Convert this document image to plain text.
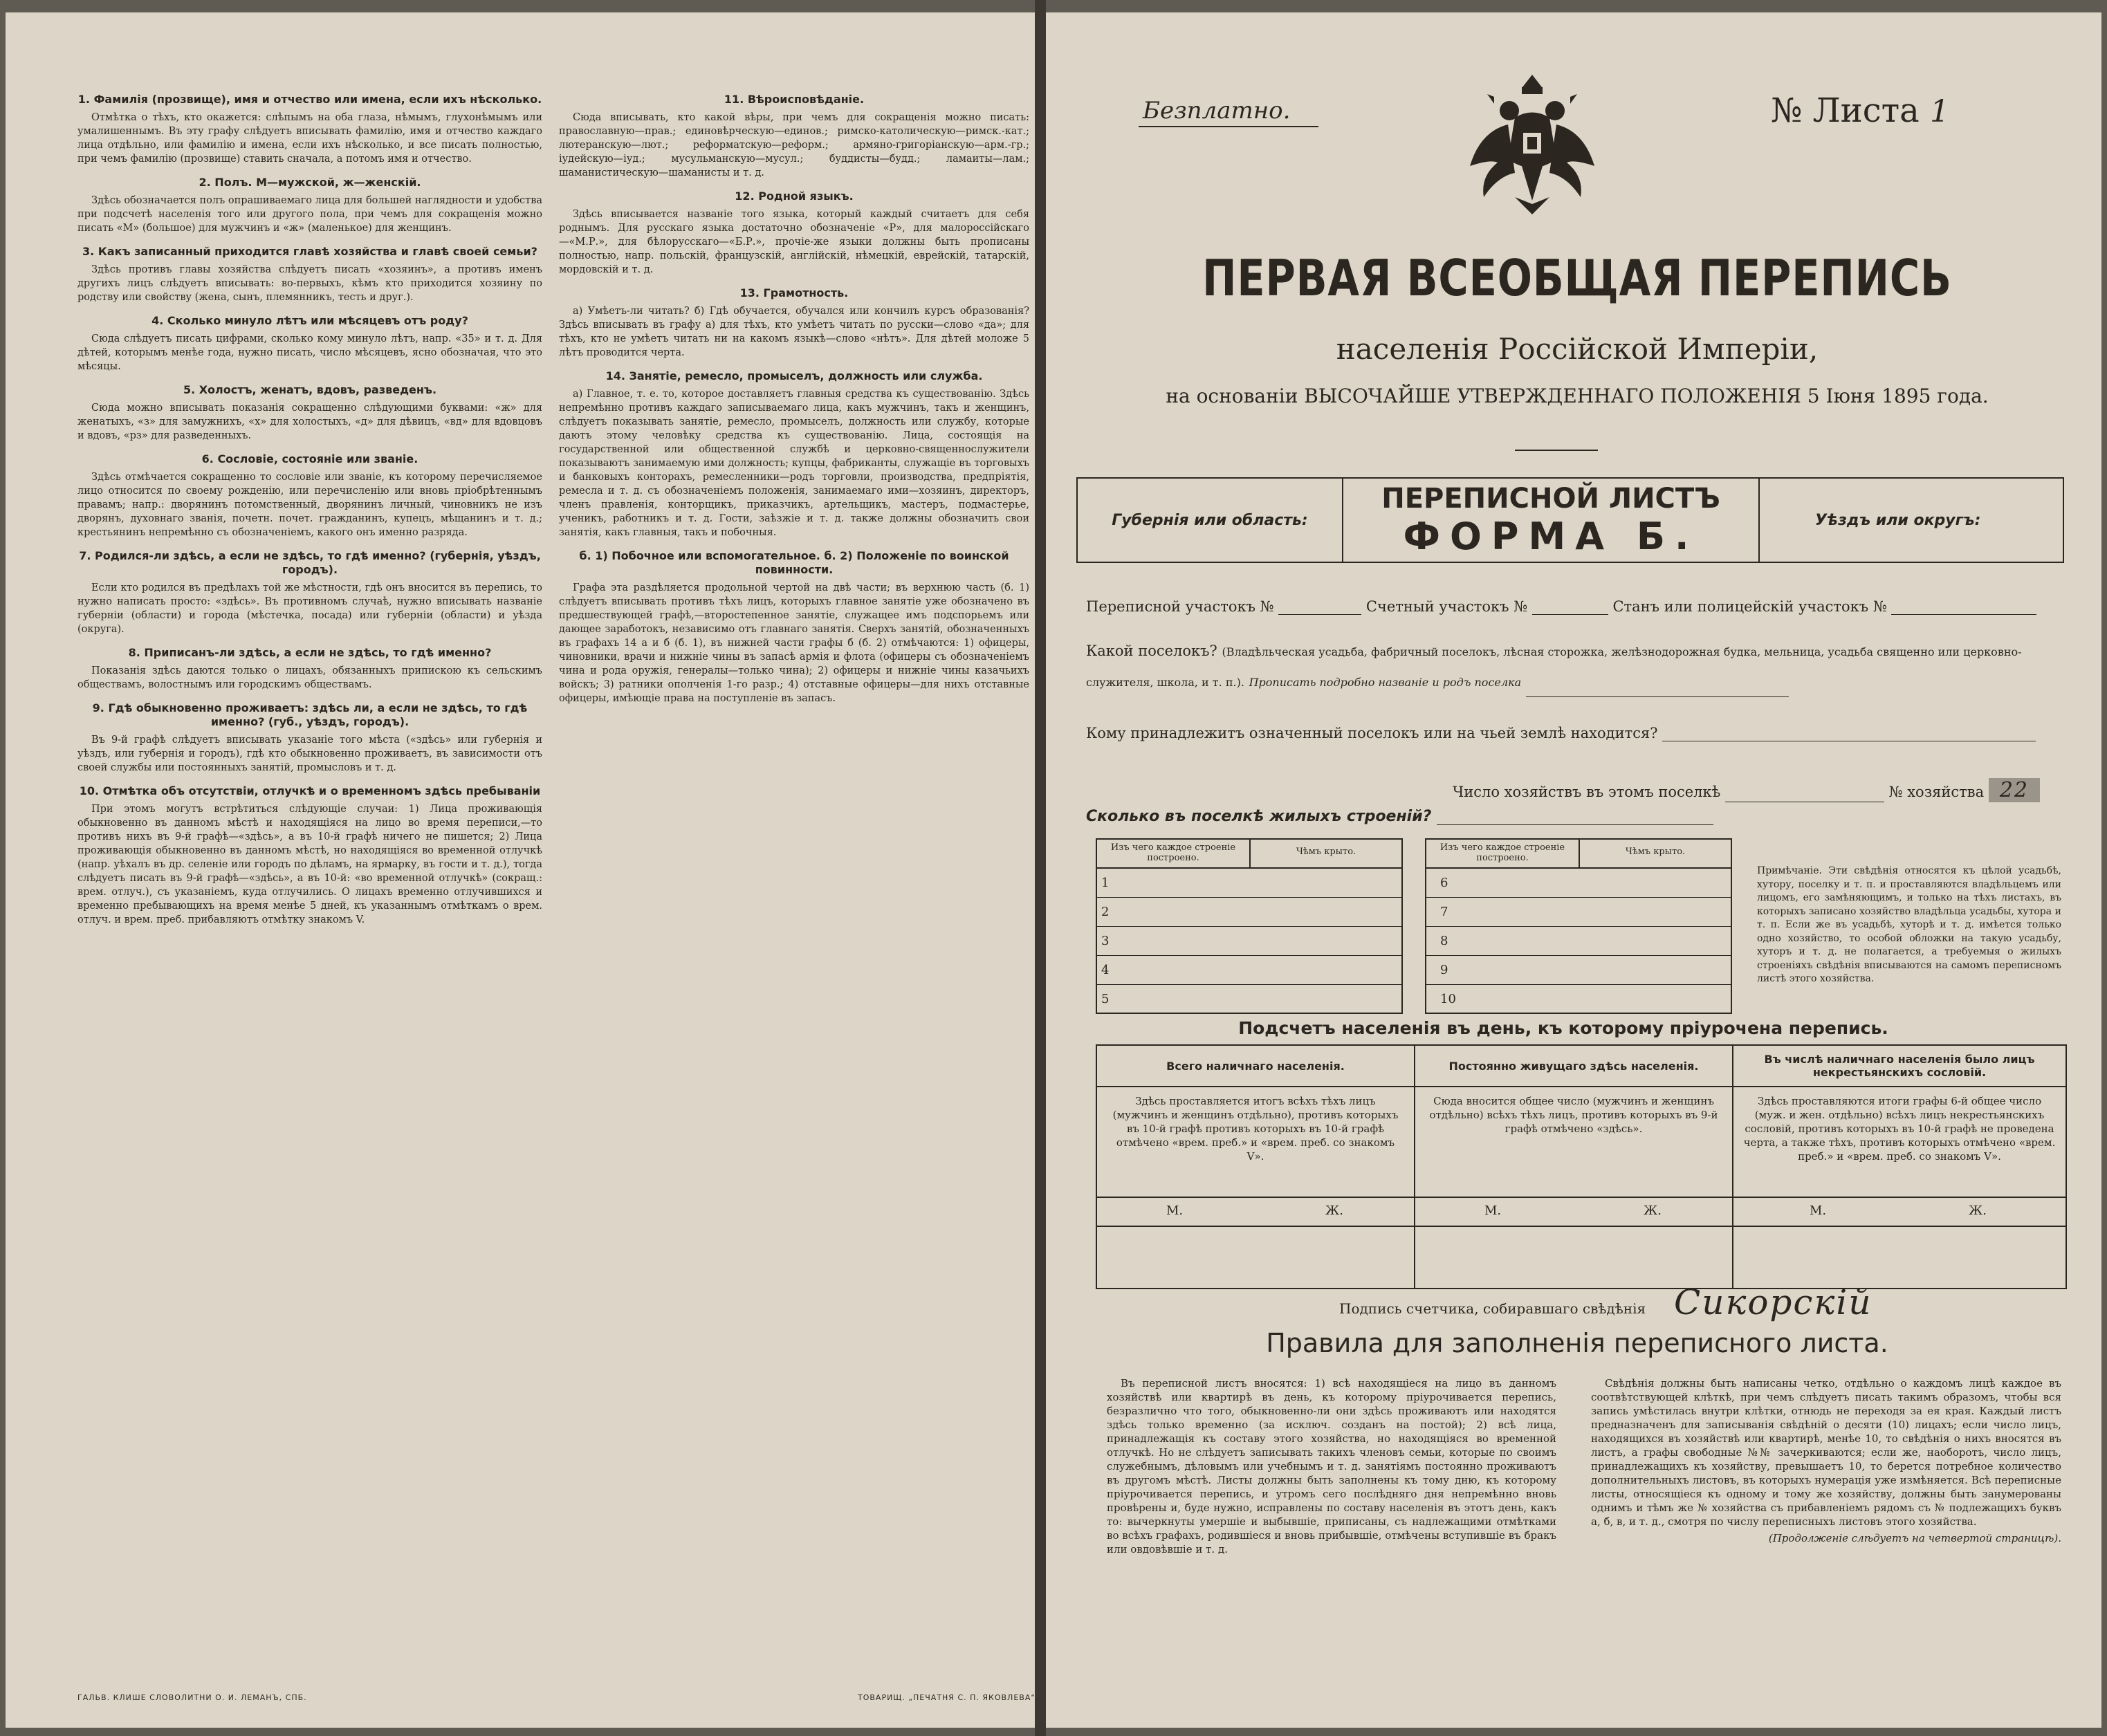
1. Фамилія (прозвище), имя и отчество или имена, если ихъ нѣсколько.

Отмѣтка о тѣхъ, кто окажется: слѣпымъ на оба глаза, нѣмымъ, глухонѣмымъ или умалишеннымъ. Въ эту графу слѣдуетъ вписывать фамилію, имя и отчество каждаго лица отдѣльно, или фамилію и имена, если ихъ нѣсколько, и все писать полностью, при чемъ фамилію (прозвище) ставить сначала, а потомъ имя и отчество.

2. Полъ. М—мужской, ж—женскій.

Здѣсь обозначается полъ опрашиваемаго лица для большей наглядности и удобства при подсчетѣ населенія того или другого пола, при чемъ для сокращенія можно писать «М» (большое) для мужчинъ и «ж» (маленькое) для женщинъ.

3. Какъ записанный приходится главѣ хозяйства и главѣ своей семьи?

Здѣсь противъ главы хозяйства слѣдуетъ писать «хозяинъ», а противъ именъ другихъ лицъ слѣдуетъ вписывать: во-первыхъ, кѣмъ кто приходится хозяину по родству или свойству (жена, сынъ, племянникъ, тесть и друг.).

4. Сколько минуло лѣтъ или мѣсяцевъ отъ роду?

Сюда слѣдуетъ писать цифрами, сколько кому минуло лѣтъ, напр. «35» и т. д. Для дѣтей, которымъ менѣе года, нужно писать, число мѣсяцевъ, ясно обозначая, что это мѣсяцы.

5. Холостъ, женатъ, вдовъ, разведенъ.

Сюда можно вписывать показанія сокращенно слѣдующими буквами: «ж» для женатыхъ, «з» для замужнихъ, «х» для холостыхъ, «д» для дѣвицъ, «вд» для вдовцовъ и вдовъ, «рз» для разведенныхъ.

6. Сословіе, состояніе или званіе.

Здѣсь отмѣчается сокращенно то сословіе или званіе, къ которому перечисляемое лицо относится по своему рожденію, или перечисленію или вновь пріобрѣтеннымъ правамъ; напр.: дворянинъ потомственный, дворянинъ личный, чиновникъ не изъ дворянъ, духовнаго званія, почетн. почет. гражданинъ, купецъ, мѣщанинъ и т. д.; крестьянинъ непремѣнно съ обозначеніемъ, какого онъ именно разряда.

7. Родился-ли здѣсь, а если не здѣсь, то гдѣ именно? (губернія, уѣздъ, городъ).

Если кто родился въ предѣлахъ той же мѣстности, гдѣ онъ вносится въ перепись, то нужно написать просто: «здѣсь». Въ противномъ случаѣ, нужно вписывать названіе губерніи (области) и города (мѣстечка, посада) или губерніи (области) и уѣзда (округа).

8. Приписанъ-ли здѣсь, а если не здѣсь, то гдѣ именно?

Показанія здѣсь даются только о лицахъ, обязанныхъ припискою къ сельскимъ обществамъ, волостнымъ или городскимъ обществамъ.

9. Гдѣ обыкновенно проживаетъ: здѣсь ли, а если не здѣсь, то гдѣ именно? (губ., уѣздъ, городъ).

Въ 9-й графѣ слѣдуетъ вписывать указаніе того мѣста («здѣсь» или губернія и уѣздъ, или губернія и городъ), гдѣ кто обыкновенно проживаетъ, въ зависимости отъ своей службы или постоянныхъ занятій, промысловъ и т. д.

10. Отмѣтка объ отсутствіи, отлучкѣ и о временномъ здѣсь пребываніи

При этомъ могутъ встрѣтиться слѣдующіе случаи: 1) Лица проживающія обыкновенно въ данномъ мѣстѣ и находящіяся на лицо во время переписи,—то противъ нихъ въ 9-й графѣ—«здѣсь», а въ 10-й графѣ ничего не пишется; 2) Лица проживающія обыкновенно въ данномъ мѣстѣ, но находящіяся во временной отлучкѣ (напр. уѣхалъ въ др. селеніе или городъ по дѣламъ, на ярмарку, въ гости и т. д.), тогда слѣдуетъ писать въ 9-й графѣ—«здѣсь», а въ 10-й: «во временной отлучкѣ» (сокращ.: врем. отлуч.), съ указаніемъ, куда отлучились. О лицахъ временно отлучившихся и временно пребывающихъ на время менѣе 5 дней, къ указаннымъ отмѣткамъ о врем. отлуч. и врем. преб. прибавляютъ отмѣтку знакомъ V.

11. Вѣроисповѣданіе.

Сюда вписывать, кто какой вѣры, при чемъ для сокращенія можно писать: православную—прав.; единовѣрческую—единов.; римско-католическую—римск.-кат.; лютеранскую—лют.; реформатскую—реформ.; армяно-григоріанскую—арм.-гр.; іудейскую—іуд.; мусульманскую—мусул.; буддисты—будд.; ламаиты—лам.; шаманистическую—шаманисты и т. д.

12. Родной языкъ.

Здѣсь вписывается названіе того языка, который каждый считаетъ для себя роднымъ. Для русскаго языка достаточно обозначеніе «Р», для малороссійскаго—«М.Р.», для бѣлорусскаго—«Б.Р.», прочіе-же языки должны быть прописаны полностью, напр. польскій, французскій, англійскій, нѣмецкій, еврейскій, татарскій, мордовскій и т. д.

13. Грамотность.

а) Умѣетъ-ли читать? б) Гдѣ обучается, обучался или кончилъ курсъ образованія? Здѣсь вписывать въ графу а) для тѣхъ, кто умѣетъ читать по русски—слово «да»; для тѣхъ, кто не умѣетъ читать ни на какомъ языкѣ—слово «нѣтъ». Для дѣтей моложе 5 лѣтъ проводится черта.

14. Занятіе, ремесло, промыселъ, должность или служба.

а) Главное, т. е. то, которое доставляетъ главныя средства къ существованію. Здѣсь непремѣнно противъ каждаго записываемаго лица, какъ мужчинъ, такъ и женщинъ, слѣдуетъ показывать занятіе, ремесло, промыселъ, должность или службу, которые даютъ этому человѣку средства къ существованію. Лица, состоящія на государственной или общественной службѣ и церковно-священнослужители показываютъ занимаемую ими должность; купцы, фабриканты, служащіе въ торговыхъ и банковыхъ конторахъ, ремесленники—родъ торговли, производства, предпріятія, ремесла и т. д. съ обозначеніемъ положенія, занимаемаго ими—хозяинъ, директоръ, членъ правленія, конторщикъ, приказчикъ, артельщикъ, мастеръ, подмастерье, ученикъ, работникъ и т. д. Гости, заѣзжіе и т. д. также должны обозначить свои занятія, какъ главныя, такъ и побочныя.

б. 1) Побочное или вспомогательное. б. 2) Положеніе по воинской повинности.

Графа эта раздѣляется продольной чертой на двѣ части; въ верхнюю часть (б. 1) слѣдуетъ вписывать противъ тѣхъ лицъ, которыхъ главное занятіе уже обозначено въ предшествующей графѣ,—второстепенное занятіе, служащее имъ подспорьемъ или дающее заработокъ, независимо отъ главнаго занятія. Сверхъ занятій, обозначенныхъ въ графахъ 14 а и б (б. 1), въ нижней части графы б (б. 2) отмѣчаются: 1) офицеры, чиновники, врачи и нижніе чины въ запасѣ армія и флота (офицеры съ обозначеніемъ чина и рода оружія, генералы—только чина); 2) офицеры и нижніе чины казачьихъ войскъ; 3) ратники ополченія 1-го разр.; 4) отставные офицеры—для нихъ отставные офицеры, имѣющіе права на поступленіе въ запасъ.

ГАЛЬВ. КЛИШЕ СЛОВОЛИТНИ О. И. ЛЕМАНЪ, СПБ.	ТОВАРИЩ. „ПЕЧАТНЯ С. П. ЯКОВЛЕВА“.
Безплатно.	№ Листа 1
ПЕРВАЯ ВСЕОБЩАЯ ПЕРЕПИСЬ
населенія Россійской Имперіи,
на основаніи ВЫСОЧАЙШЕ УТВЕРЖДЕННАГО ПОЛОЖЕНІЯ 5 Іюня 1895 года.
Губернія или область:
ПЕРЕПИСНОЙ ЛИСТЪ
ФОРМА Б.	Уѣздъ или округъ:
Переписной участокъ №	Счетный участокъ №	Станъ или полицейскій участокъ №
Какой поселокъ? (Владѣльческая усадьба, фабричный поселокъ, лѣсная сторожка, желѣзнодорожная будка, мельница, усадьба священно или церковно-служителя, школа, и т. п.). Прописать подробно названіе и родъ поселка
Кому принадлежитъ означенный поселокъ или на чьей землѣ находится?
Число хозяйствъ въ этомъ поселкѣ	№ хозяйства 22
Сколько въ поселкѣ жилыхъ строеній?
Изъ чего каждое строеніе построено.
Чѣмъ крыто.
1
2
3
4
5
Изъ чего каждое строеніе построено.
Чѣмъ крыто.
6
7
8
9
10
Примѣчаніе. Эти свѣдѣнія относятся къ цѣлой усадьбѣ, хутору, поселку и т. п. и проставляются владѣльцемъ или лицомъ, его замѣняющимъ, и только на тѣхъ листахъ, въ которыхъ записано хозяйство владѣльца усадьбы, хутора и т. п. Если же въ усадьбѣ, хуторѣ и т. д. имѣется только одно хозяйство, то особой обложки на такую усадьбу, хуторъ и т. д. не полагается, а требуемыя о жилыхъ строеніяхъ свѣдѣнія вписываются на самомъ переписномъ листѣ этого хозяйства.
Подсчетъ населенія въ день, къ которому пріурочена перепись.
Всего наличнаго населенія.
Здѣсь проставляется итогъ всѣхъ тѣхъ лицъ (мужчинъ и женщинъ отдѣльно), противъ которыхъ въ 10-й графѣ противъ которыхъ въ 10-й графѣ отмѣчено «врем. преб.» и «врем. преб. со знакомъ V».
Постоянно живущаго здѣсь населенія.
Сюда вносится общее число (мужчинъ и женщинъ отдѣльно) всѣхъ тѣхъ лицъ, противъ которыхъ въ 9-й графѣ отмѣчено «здѣсь».
Въ числѣ наличнаго населенія было лицъ некрестьянскихъ сословій.
Здѣсь проставляются итоги графы 6-й общее число (муж. и жен. отдѣльно) всѣхъ лицъ некрестьянскихъ сословій, противъ которыхъ въ 10-й графѣ не проведена черта, а также тѣхъ, противъ которыхъ отмѣчено «врем. преб.» и «врем. преб. со знакомъ V».
М.	Ж.	М.	Ж.	М.	Ж.
Подпись счетчика, собиравшаго свѣдѣнія Сикорскій
Правила для заполненія переписного листа.

Въ переписной листъ вносятся: 1) всѣ находящіеся на лицо въ данномъ хозяйствѣ или квартирѣ въ день, къ которому пріурочивается перепись, безразлично что того, обыкновенно-ли они здѣсь проживаютъ или находятся здѣсь только временно (за исключ. созданъ на постой); 2) всѣ лица, принадлежащія къ составу этого хозяйства, но находящіяся во временной отлучкѣ. Но не слѣдуетъ записывать такихъ членовъ семьи, которые по своимъ служебнымъ, дѣловымъ или учебнымъ и т. д. занятіямъ постоянно проживаютъ въ другомъ мѣстѣ. Листы должны быть заполнены къ тому дню, къ которому пріурочивается перепись, и утромъ сего послѣдняго дня непремѣнно вновь провѣрены и, буде нужно, исправлены по составу населенія въ этотъ день, какъ то: вычеркнуты умершіе и выбывшіе, приписаны, съ надлежащими отмѣтками во всѣхъ графахъ, родившіеся и вновь прибывшіе, отмѣчены вступившіе въ бракъ или овдовѣвшіе и т. д.

Свѣдѣнія должны быть написаны четко, отдѣльно о каждомъ лицѣ каждое въ соотвѣтствующей клѣткѣ, при чемъ слѣдуетъ писать такимъ образомъ, чтобы вся запись умѣстилась внутри клѣтки, отнюдь не переходя за ея края. Каждый листъ предназначенъ для записыванія свѣдѣній о десяти (10) лицахъ; если число лицъ, находящихся въ хозяйствѣ или квартирѣ, менѣе 10, то свѣдѣнія о нихъ вносятся въ листъ, а графы свободные №№ зачеркиваются; если же, наоборотъ, число лицъ, принадлежащихъ къ хозяйству, превышаетъ 10, то берется потребное количество дополнительныхъ листовъ, въ которыхъ нумерація уже измѣняется. Всѣ переписные листы, относящіеся къ одному и тому же хозяйству, должны быть занумерованы однимъ и тѣмъ же № хозяйства съ прибавленіемъ рядомъ съ № подлежащихъ буквъ а, б, в, и т. д., смотря по числу переписныхъ листовъ этого хозяйства.

(Продолженіе слѣдуетъ на четвертой страницѣ).
